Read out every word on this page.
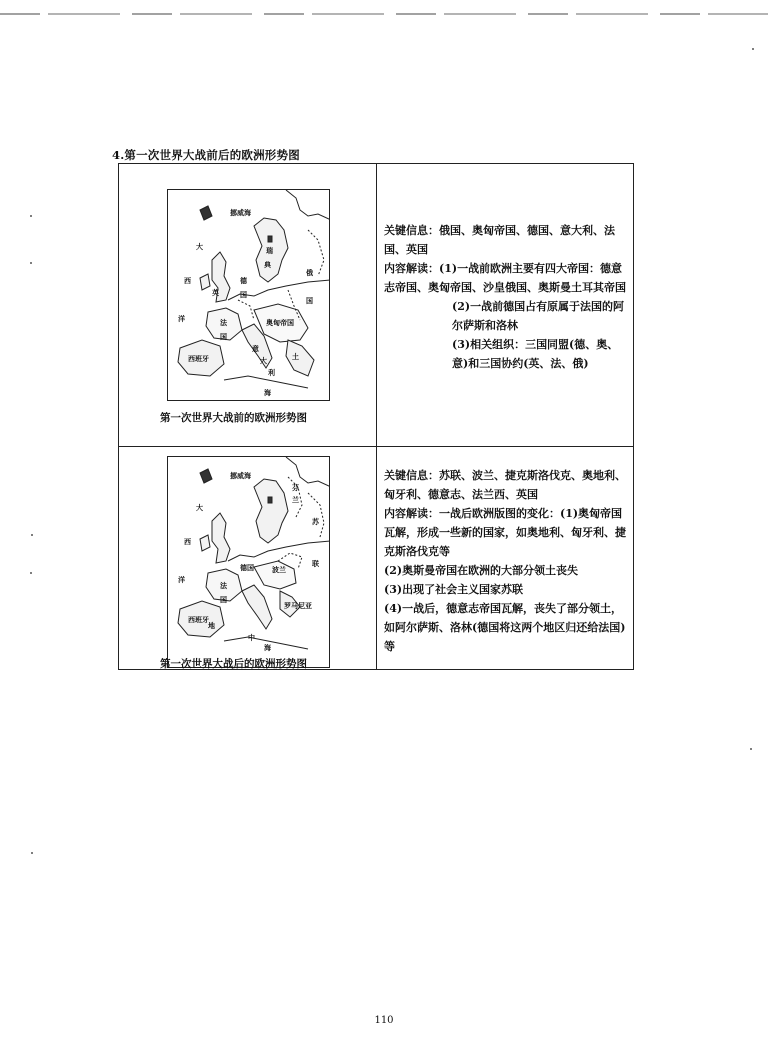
4.第一次世界大战前后的欧洲形势图
挪威海
大
西
洋
瑞
典
俄
国
德
国
英
法
国
西班牙
奥匈帝国
意
大
利
土
海
第一次世界大战前的欧洲形势图

关键信息：俄国、奥匈帝国、德国、意大利、法国、英国

内容解读：(1)一战前欧洲主要有四大帝国：德意志帝国、奥匈帝国、沙皇俄国、奥斯曼土耳其帝国

(2)一战前德国占有原属于法国的阿尔萨斯和洛林

(3)相关组织：三国同盟(德、奥、意)和三国协约(英、法、俄)

挪威海
大
西
洋
芬
兰
苏
联
波兰
德国
法
国
西班牙
罗马尼亚
地
中
海
第一次世界大战后的欧洲形势图

关键信息：苏联、波兰、捷克斯洛伐克、奥地利、匈牙利、德意志、法兰西、英国

内容解读：一战后欧洲版图的变化：(1)奥匈帝国瓦解，形成一些新的国家，如奥地利、匈牙利、捷克斯洛伐克等

(2)奥斯曼帝国在欧洲的大部分领土丧失

(3)出现了社会主义国家苏联

(4)一战后，德意志帝国瓦解，丧失了部分领土，如阿尔萨斯、洛林(德国将这两个地区归还给法国)等

110
